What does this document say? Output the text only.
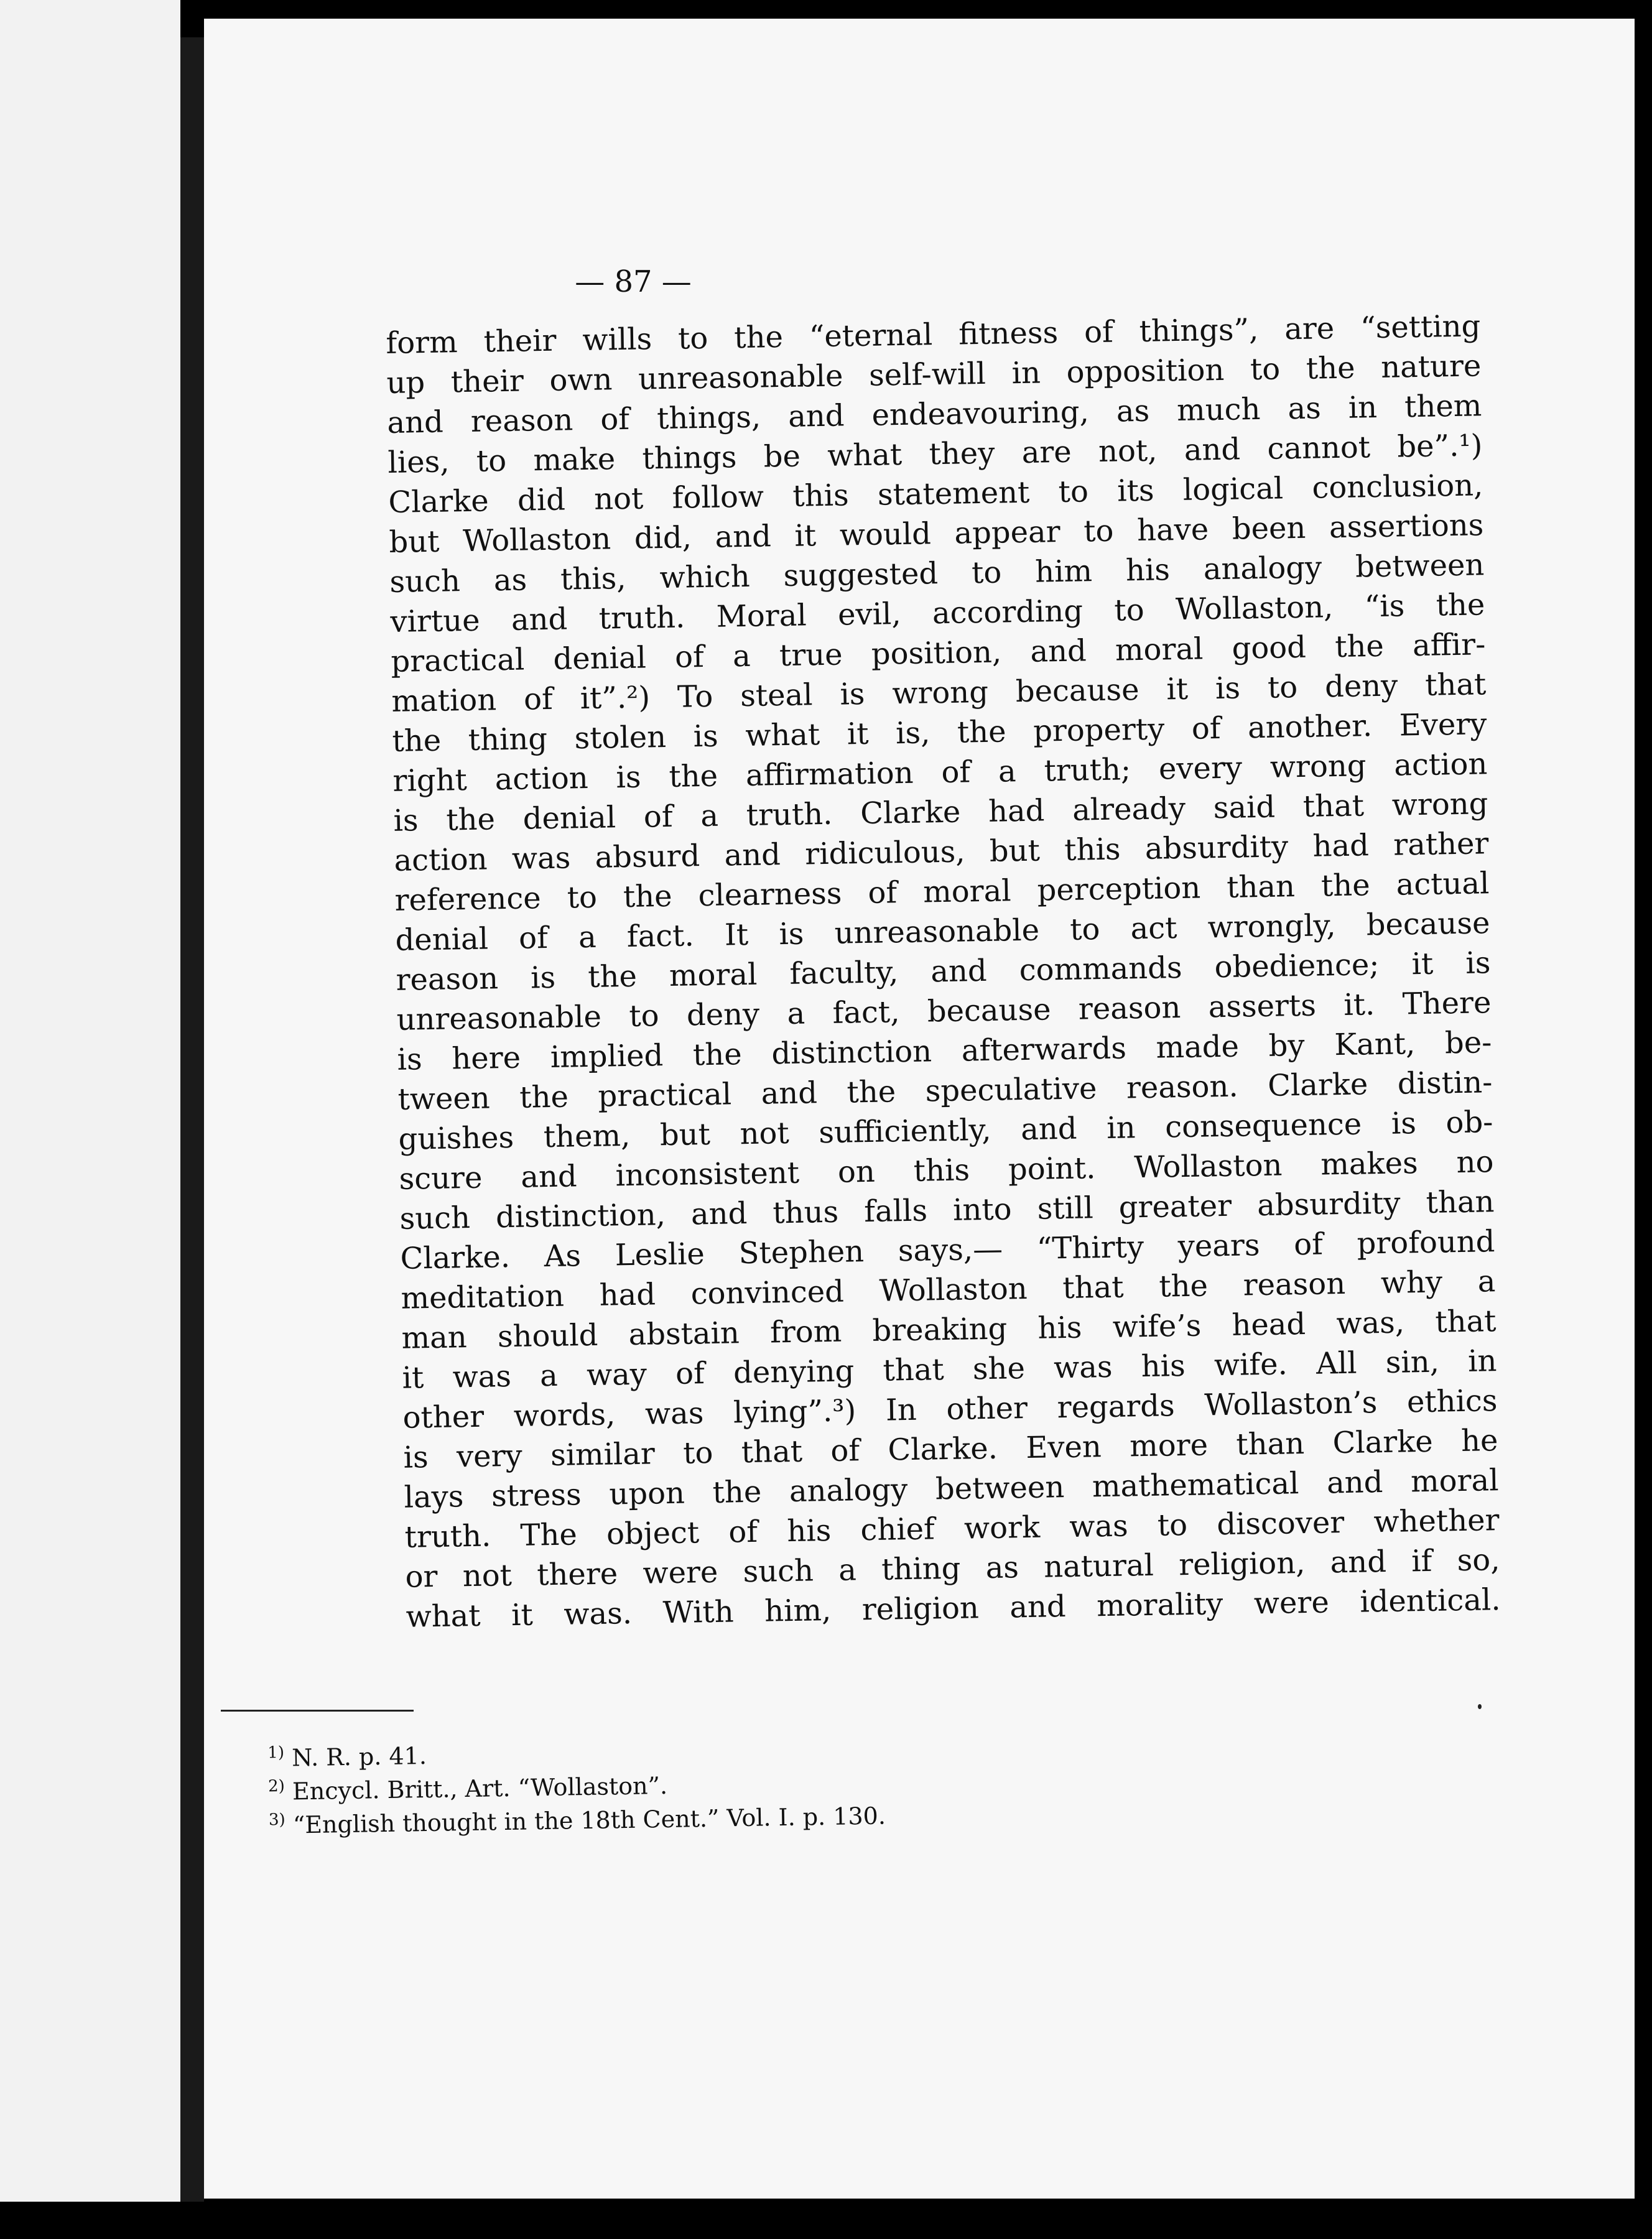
— 87 —
form their wills to the “eternal fitness of things”, are “setting
up their own unreasonable self-will in opposition to the nature
and reason of things, and endeavouring, as much as in them
lies, to make things be what they are not, and cannot be”.¹)
Clarke did not follow this statement to its logical conclusion,
but Wollaston did, and it would appear to have been assertions
such as this, which suggested to him his analogy between
virtue and truth. Moral evil, according to Wollaston, “is the
practical denial of a true position, and moral good the affir-
mation of it”.²) To steal is wrong because it is to deny that
the thing stolen is what it is, the property of another. Every
right action is the affirmation of a truth; every wrong action
is the denial of a truth. Clarke had already said that wrong
action was absurd and ridiculous, but this absurdity had rather
reference to the clearness of moral perception than the actual
denial of a fact. It is unreasonable to act wrongly, because
reason is the moral faculty, and commands obedience; it is
unreasonable to deny a fact, because reason asserts it. There
is here implied the distinction afterwards made by Kant, be-
tween the practical and the speculative reason. Clarke distin-
guishes them, but not sufficiently, and in consequence is ob-
scure and inconsistent on this point. Wollaston makes no
such distinction, and thus falls into still greater absurdity than
Clarke. As Leslie Stephen says,— “Thirty years of profound
meditation had convinced Wollaston that the reason why a
man should abstain from breaking his wife’s head was, that
it was a way of denying that she was his wife. All sin, in
other words, was lying”.³) In other regards Wollaston’s ethics
is very similar to that of Clarke. Even more than Clarke he
lays stress upon the analogy between mathematical and moral
truth. The object of his chief work was to discover whether
or not there were such a thing as natural religion, and if so,
what it was. With him, religion and morality were identical.
$^{1)}$ N. R. p. 41.
$^{2)}$ Encycl. Britt., Art. “Wollaston”.
$^{3)}$ “English thought in the 18th Cent.” Vol. I. p. 130.
